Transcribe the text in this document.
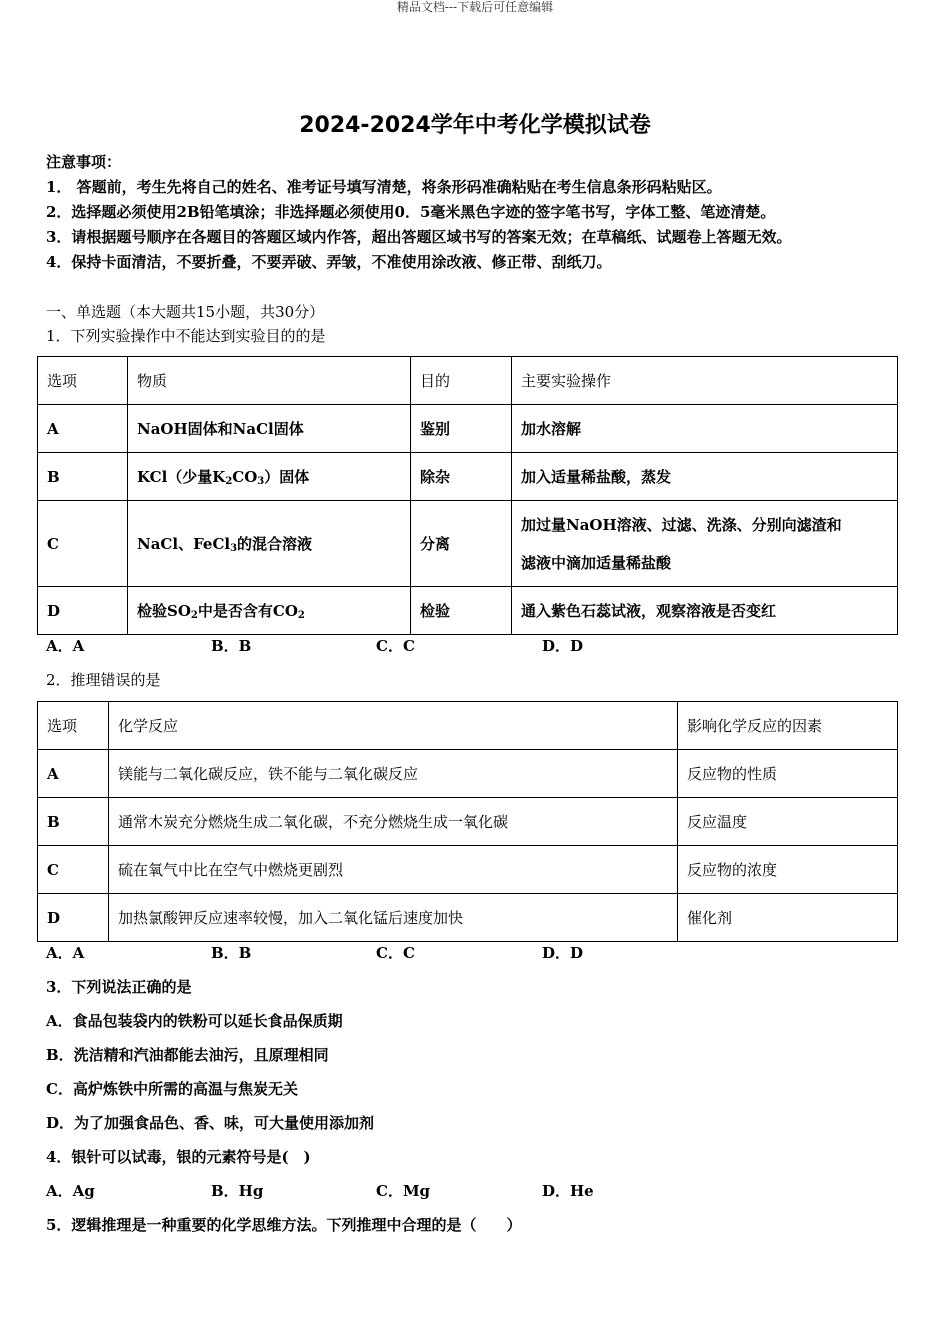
精品文档---下载后可任意编辑
2024-2024学年中考化学模拟试卷
注意事项：
1． 答题前，考生先将自己的姓名、准考证号填写清楚，将条形码准确粘贴在考生信息条形码粘贴区。
2．选择题必须使用2B铅笔填涂；非选择题必须使用0．5毫米黑色字迹的签字笔书写，字体工整、笔迹清楚。
3．请根据题号顺序在各题目的答题区域内作答，超出答题区域书写的答案无效；在草稿纸、试题卷上答题无效。
4．保持卡面清洁，不要折叠，不要弄破、弄皱，不准使用涂改液、修正带、刮纸刀。
一、单选题（本大题共15小题，共30分）
1．下列实验操作中不能达到实验目的的是
选项	物质	目的	主要实验操作
A	NaOH固体和NaCl固体	鉴别	加水溶解
B	KCl（少量$K_2CO_3$）固体	除杂	加入适量稀盐酸，蒸发
C	NaCl、FeCl$_3$的混合溶液	分离	加过量NaOH溶液、过滤、洗涤、分别向滤渣和
滤液中滴加适量稀盐酸

D	检验$SO_2$中是否含有$CO_2$	检验	通入紫色石蕊试液，观察溶液是否变红
A．A	B．B	C．C	D．D
2．推理错误的是
选项	化学反应	影响化学反应的因素
A	镁能与二氧化碳反应，铁不能与二氧化碳反应	反应物的性质
B	通常木炭充分燃烧生成二氧化碳，不充分燃烧生成一氧化碳	反应温度
C	硫在氧气中比在空气中燃烧更剧烈	反应物的浓度
D	加热氯酸钾反应速率较慢，加入二氧化锰后速度加快	催化剂
A．A	B．B	C．C	D．D
3．下列说法正确的是
A．食品包装袋内的铁粉可以延长食品保质期
B．洗洁精和汽油都能去油污，且原理相同
C．高炉炼铁中所需的高温与焦炭无关
D．为了加强食品色、香、味，可大量使用添加剂
4．银针可以试毒，银的元素符号是(　)
A．Ag	B．Hg	C．Mg	D．He
5．逻辑推理是一种重要的化学思维方法。下列推理中合理的是（　　）
